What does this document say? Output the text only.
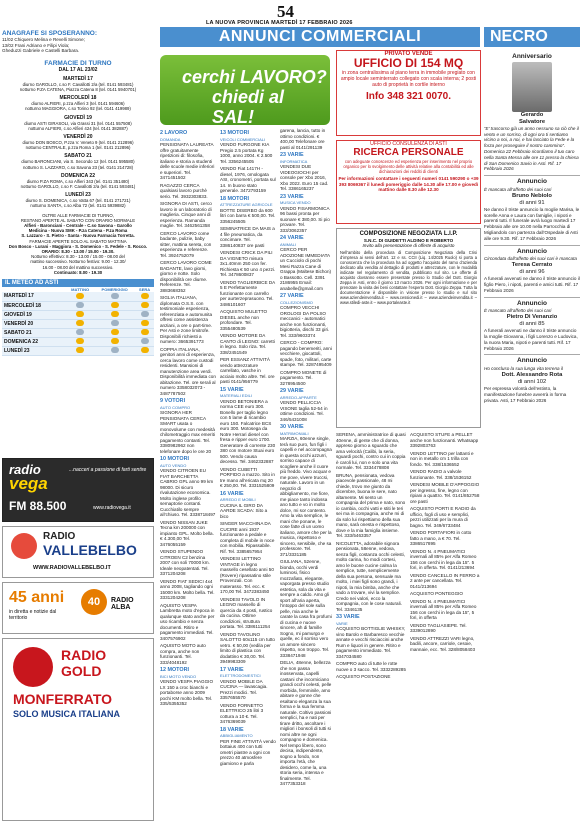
54
LA NUOVA PROVINCIA MARTEDÌ 17 FEBBRAIO 2026
ANNUNCI COMMERCIALI	NECRO
ANAGRAFE SI SPOSERANNO:
11/02 Chiquero Melina e Revelli Simone;
13/02 Frani Adriano e Filipi Viola;
Gheduzzi Gabriele e Castelli Barbara.
FARMACIE DI TURNO
DAL 17 AL 23/02
MARTEDÌ 17
diurno GAROLLO, c.so F. Cavallotti 2/a (tel. 0141 593481)
notturno P.ZA CATENA, Piazza Catena 8 (tel. 0141 5940701)
MERCOLEDÌ 18
diurno ALFIERI, p.zza Alfieri 3 (tel. 0141 594606)
notturno MAGGIORA, c.so Torino 92 (tel. 0141 419989)
GIOVEDÌ 19
diurno ASTI GIRASOLI, via Grassi 31 (tel. 0141 557508)
notturno ALFIERI, c.so Alfieri 424 (tel. 0141 382887)
VENERDÌ 20
diurno DON BOSCO, P.zza V. Veneto 9 (tel. 0141 212896)
notturno CENTRALE, p.zza Roma 1 (tel. 0141 212896)
SABATO 21
diurno BARONCIANI, via S. Secondo 12 (tel. 0141 595580)
notturno S. LAZZARO, c.so Savona 23 (tel. 0141 214728)
DOMENICA 22
diurno P.ZA ROMA, c.so Alfieri 343 (tel. 0141 351480)
notturno GAROLLO, c.so F. Cavallotti 2/a (tel. 0141 593481)
LUNEDÌ 23
diurno S. DOMENICA, c.so Vatta 67 (tel. 0141 271721)
notturno SANTA, c.so Alba 72 (tel. 0141 5939882)
OLTRE ALLE FARMACIE DI TURNO,
RESTANO APERTE AL SABATO CON ORARIO NORMALE
Alfieri - Baronciani - Centrale - C.so Savona - Garollo
Medicina - Nuova SMK - P.za Catena - P.za Roma
S. Lazzaro - S. Pietro - Santa - Nuova Farmacia Torretta.
FARMACIE APERTE SOLO AL SABATO MATTINA
Don Bosco - Lurani - Maggiora - S. Domenico - S. Fedele - S. Rocco.
ORARIO: 8.30 - 13.00 / 15.00 - 19.30.
Notturno effettivo: 8.30 - 13.00 / 15.00 - 08.00 del
mattino successivo. Notturno festivo: 9.00 - 12.30/
16.00 - 08.00 del mattino successivo.
Continuato: 8.00 - 19.30
IL METEO AD ASTI
	MATTINO	POMERIGGIO	SERA
MARTEDÌ 17			
MERCOLEDÌ 18			
GIOVEDÌ 19			
VENERDÌ 20			
SABATO 21			
DOMENICA 22			
LUNEDÌ 23			
radio
vega
...nacceri a passione di farti sentire
FM 88.500	www.radiovega.it
RADIO
VALLEBELBO
WWW.RADIOVALLEBELBO.IT
45 anni
in diretta e notizie dal territorio
40	RADIO ALBA
RADIO
GOLD
MONFERRATO
SOLO MUSICA ITALIANA
cerchi LAVORO?
chiedi al SAL!
2 LAVORO
DOMANDA
PENSIONATA LAUREATA offre gratuitamente ripetizioni di: filosofia, italiano e storia a studenti delle scuole medie inferiori e superiori. Tel. 3471451502
RAGAZZO CERCA qualsiasi lavoro purchè serio. Tel. 3932303833.
SIGNORA DI ASTI, cerco lavoro in un laboratorio di maglieria. Cinque anni di esperienza. Ramanda maglie. Tel. 3462561358
CERCO LAVORO come badante, pulizie, baby sitter, mattina sereta, con esperienza e referenze. Tel. 3924752079
CERCO LAVORO COME BADANTE, lavo giorni, giorno e notte. Solo disponibilità ore diurne. Referenze. Tel. 3883668352
SIGLIA ITALIANA, diplomata O.S.S. con testimoniale esperienza, referenziata e automunita offresi come assistenza anziani, a ore o part-time. Per Asti e zone limitrofe. Disponibili richiesti a numero: 3665391773
COPPIA ITALIANA, genitori anni di esperienza, cerca lavoro come custodi residenti. Mansioni di manutenzione area verdi. Disponibilità immediata con abitazione. Tel. ore serali al numero 3358032073 - 3487787502
9 VOTORI
AUTO COMPRO
SIGNORA HER PENSIONATA CERCA SMART usata o monovolume con medesità chilometraggio max emeriti pagamento contanti. Tel. 3380982962 non telefonare dopo le ore 20
10 MOTORI
AUTO VENDO
VENDO CITROEN EU FIAT BARCHETTA CABRIO GPL anno 99 km 98000. Di sicuro rivalutazione economica. Molto inglese profilo semaptorie contanti. Cucchiatilo sempre all’chiuso. Tel. 3338718497
VENDO NISSAN JUKE Tecna km 200000 con impianto GPL. Molto bella. € 4.300,00 Tel. 3476055159
VENDO STUPENDO CITROEN C2 benzina 2007 con soli 70000 km. Ideale neopatentati. Tel. 3371204208
VENDO FIAT SEDICI 4x4 anno 2008, tagliando ogni 15000 km. Molto bella. Tel. 3331204208
AQUISTO VESPA Lambretta moto d’epoca in qualunque stato anche per uso ricambio e senza documenti. Ritiro e pagamento immediati. Tel. 3407576902
AQUISTO MOTO auto compra, anche non funzionanti. Tel. 333/4048192
12 MOTORI
BICI MOTO VENDO
VENDO VESPA PIAGGIO LX 150 a croc bianchi e portaborse anno 2009 pochi KM molto bella. Tel. 335/5355352
13 MOTORI
VEICOLI COMMERCIALI
VENDO FURGONE KIA Pregio 2.5 portata Kg 1000, anno 2004. € 2.500 Tel. 3356245505
VENDO Fiat 1417H - diesel, 1976, omologata ASI, cronometri, portata sul 14. In buono stato generale. 3472793159
18 MOTORI
ATTREZZATURE AGRICOLE
BOTTE DISERBO da 600 litri con barra € 500,00. Tel. 3356245505
SEMINATRICE DA MAIS a 4 file pneumatica, da concimare. Tel. 3386140837 ore pasti
VENDESI CRICK DA PILI DA VIGNETO misura 3x1.40mm 250 con fer. Richiesta € 50 uno 4 pezzi. Tel. 3478600837
VENDO TAGLIERBICE DA 5 E Perfettamente funzionante con carrello per aurterzeprasuono. Tel. 3486101607
ACQUISTO MULETTO DIESEL anche non profondare. Tel. 3355480539
VENDO MOTORE DA CANTO di LEGNO: carretti in legno. Solo riza. Tel. 338/2451549
PER ESSANZ ATTIVITÀ vendo attrezzature carrellato, vasche in acciaio molto altre. Tel. ore pasti 0141/956779
15 VARIE
MATERIALI EDILI
VENDO BETONIERA a norma CEE euro 300. Bonello per taglio legno con 5 lame di ricambio euro 150. Falcatrice BCS euro 300. Motosega da Notre Herrari diesel con fresa e ripper euro 1700. Generatore di corrente 230 380 con motore Stuai euro 500. Vendo causa decesso. Tel. 3462332887
VENDO CUBETTI PORFIDO a mazzo. Sito in tre mano all’ericata mq 20 € 250,00. Tel. 3331525809
16 VARIE
ARREDO E MOBILI
CUCINA IL GIRO DA AARDE SCADA: Sito a bico
SINGER MACCHINA DA CUCIRE anni 1937 funzionante a pedale e completa di mobile in noce con mobilia. Ripassabile. Rif. Tel. 3385657954
VENDESI LETTINO VINTAGE in legno massello cesellato anni 50 (Rovere) ripassatino stile Provenzali. Con materasso. Tel. ecc. € 170,00 Tel. 3472383450
VENDESI TAVOLO IN LEGNO massello di quercia da 4 posti, rustico da cucina. Ottime condizioni, struttura portata. Tel. 3386111254
VENDO TAVOLINO SALOTTO 60x115 cm tutto vetro. € 50,00 (vedila per limito di plastica con dodattino € 30,00. Tel. 3949983309
17 VARIE
ELETTRODOMESTICI
VENDO MOBILE DA CUCINA — lavascagia. Prezzi modici. Tel. 3357655570
VENDO FORNETTO ELETTRICO 25 litri 3 cottura a 10 €. Tel. 3476369039
18 VARIE
ABBIGLIAMENTO
PER FINE ATTIVITÀ vendo bottaius 400 con tutti ometri piastre a ogni con prezzo 40 atmosfere giamiono e parla
garena, lancia, tutto in ottimo condizioni. € 400,00 Telefonare ore pasti al 0141/291139
23 VARIE
INFORMATICA
VENDESI DUE VIDEOGIOCHI per console per Xbo 2016, Xbo 2022. Euro 15 cad. Tel. 3386165237
23 VARIE
MUSICA VENDO
VENDO FISARMONICA 96 bassi pronta per suonare € 380,00. Si pio provare. Tel. 333/3062357
24 VARIE
ANIMALI
CERCO PER ADOZIONE IMMEDIATA un Cucciolo di pochi Mesi Razza Cane di Grappa (Maltese Bichon) o Bassotto. Cell. 3391 2186955 Email: anabelle@gmail.com
27 VARIE
COLLEZIONISMO
COMPRO VECCHI OROLOGI DA POLSO meccanici - automatici anche non funzionanti, bigiotteria, dischi 33 giri. Tel. 333/9603374
CERCO - COMPRO: pagando benemeriti, anni vecchiere, giocattoli, spade, foto, militari, carte stampe. Tel. 3287495409
COMPRO MONETE di pagamento. Tel. 3278954500
29 VARIE
ARREDO-APPARTE
VENDO PELLICCIA VISONE taglia 52-54 in ottime condizioni. Tel. 346/5431008
30 VARIE
MATRIMONIALI
MARZIA, 60enne single, terà suo puro, fun figli i capelli e nel accompagna in questa occhi azzurri, sorriso capace di scogliere anche il cuore più freddo. Vivo acquar e me pove, vivere truccsi, naturale. Lavoro in un negozio di abbigliamento, me fiore, me piace tanto indossa ano tutto e vo in molto dolce, mi sor contento. Amo la vita semplice, le mani che ponane, le cose fatte di un uomo italiano, amore che per la musica, rispettoso e sincero, sensibile, che sa professore. Tel. 371/3331185
GIULIANA, 52enne, bionda, occhi verdi luminosi, fisico mozzafiato, elegante, vaporgata presso studio estetica, sola da vita e sempre a caldo. Amo gli sport all’aria aperta, l’intoppo del sole sulla pelle, mia anche le carate la casa fra profumi di cucina e nuove sincere, ah di famille Sogno, mi pamurgo e quelle, ec il sorriso vero un amore sincero rispetto, non troppo. Tel. 3338471948
DELIA, 48enne, bellezza che non passa inosservata, capelli castani che incorniciano grandi occhi celesti, pelle morbida, femminile, amo abitare e gonne che esaltano eleganza la sua forma e la sua femma naturale. Coltivo passioni semplici, ha e nati per tirare dritto, ascoltare i migliori i bonsoli di tutti si nomi altre ne ogni compagno e domenica. Nel tempo libero, sono decisa, indipendente, sogno a fondo, non importa l’età, che desidero, come la, una storia seria, intensa e finalmente. Tel. 3477353318
SERENA, amministratrice di quasi 40enne, di gente che di donna, appreso giorno a sguardo che ama velocità (Calibi, la seria, sguardi pochi, contro cui in coppia è caroli lui, non e solo una vita normale. Tel. 3334478808
BRUNA, pensionata, vedova piacevole passionale, 48 mi chiede, trovo me giunto da dicembre, buona le sere, nato altamente. Mi sento un compagnia del prima e nato, sono io cambia, occhi vatti e stiti le teri sei ma in compagnia, anche mi di da solo lui rispettiamo della sua mano, sarà onesta e rispettoso, dove e la mia famiglia insieme. Tel. 333/5463357
NICOLETTA, adorabile signora pensionata, 58enne, vedova, senza figli, costanza occhi celesti, molto carina, ho modi cortesi, amo le buone cucine calma la semplice, tutte, semplicemente della sua persona, sensuale ma molto, i miei figli sono grandi, i nipoti, la mia bimba, anche che vado a trovare, vivi la semplice. Credo nei valori, ecco la compagnia, con le cose naturali. Tel. 3346135
33 VARIE
VARIE
ACQUISTO BOTTIGLIE WHISKY, vino Barolo e Barbaresco vecchie annate e vecchi risciaccini anche Rum e liquori in genere. Ritiro e pagamento immediato. Tel. 3347034580
COMPRO auto di tutte le rotte nuove o 3 sacco. Tel. 3332289285
ACQUISTO POSTAZIONE
ACQUISTO STUFE a PELLET anche non funzionanti. Whatsapp 3392803763
VENDO LETTINO per lattanti e non in metallo cm 1 trilla con fondo. Tel. 338/1536552
VENDO RADIO a valvole funzionante. Tel. 338/1536152
VENDESI MOBILE D’APPOGGIO per ingresso, fine, legno con ripiani a quattro. Tel. 0141/852758 ore pasti
ACQUISTO PORTI E RADIO da ufficio, fogli di uso e semplici, pezzi utilizzati per la mura di bagno. Tel. 349/6733484
VENDO PORTAFIORI in cotto fatto a mano, a € 70. Tel. 3386517895
VENDO N. 4 PNEUMATICI invernali all 85% per Alfa Romeo 156 con cerchi in lega da 15". 5 fori, in offerta. Tel. 0141/213694
VENDO CANCELLO IN FERRO a 2 ante per cancellata. Tel. 0141/213694
ACQUISTO PONTEGGIO
VENDO N. 4 PNEUMATICI invernali all 85% per Alfa Romeo 156 con cerchi in lega da 15", 5 fori, in offerta
VENDO TAGLIASIEPE. Tel. 3339012890
VENDO ATTREZZI VARI legno, badili, ancore, carriole, cesoie, mannaie, ecc. Tel. 328/8058403
PRIVATO VENDE
UFFICIO DI 154 MQ
in zona centralissima al piano terra in immobile pregiato con ampio locale seminterrato collegato con scala interna; 2 posti auto di proprietà in cortile interno
Info 348 321 0070.
UFFICIO CONSULENZA DI ASTI
RICERCA PERSONALE
con adeguate conoscenze ed esperienza per inserimento nel proprio organico per lo svolgimento delle attività relative alla contabilità ed alle dichiarazioni dei redditi di clienti
Per informazioni contattare i seguenti numeri 0141 590290 o +39 393 8069367 il lunedì pomeriggio dalle 14.30 alle 17.00 e giovedì mattino dalle 8.30 alle 12.30
COMPOSIZIONE NEGOZIATA L.I.P.
S.N.C. DI GUIDETTI ALDINO E ROBERTO
Invito alla presentazione di offerte di acquisto
Nell’ambito della procedura di Composizione Negoziata della Crisi d’impresa ai sensi dell’art. 12 e ss. CCII (Liq. 14/2025 Ruolo) si porta a conoscenza che la procedura ha ad oggetto l’acquisto del ramo d’azienda dedicato alla vendita al dettaglio di prodotti e attrezzature, con le modalità indicate nel regolamento di vendita, pubblicato sul sito. Le offerte di acquisto dovranno essere presentate presso lo Studio del Dott. Giorgio Zeppa in Asti, entro il giorno 13 marzo 2026. Per ogni informazione e per prenotare la visita dei beni contattare l’esperto Dott. Giorgio Zeppa. Tutta la documentazione è disponibile in visione presso lo studio e sul sito www.aziendeinvendita.it – www.cessionedi.it – www.aziendeinvendita.it – www.stiledi-aste.it – www.portaleaste.it
Anniversario
Gerardo
Salvatore
“E’ trascorso già un anno nessuno sa ciò che il vento e un sorriso, di ogni ora ti sentiamo vicino a noi, a noi, e hai lasciato la Fede e la forza per proseguire il nostro cammino”. Domenica 22 Febbraio ricordiamo il tuo caro nella Santa Messa alle ore 11 presso la chiesa di San Domenico Savio in Asti. Rif. 17 Febbraio 2026
Annuncio
È mancata all’affetto dei suoi cari
Bruno Nebiolo
di anni 91
Ne danno il triste annuncio la moglie Marisa, le sorelle Anna e Laura con famiglie, i nipoti e parenti tutti. Il funerale avrà luogo martedì 17 Febbraio alle ore 10.00 nella Parrocchia di Migliandolo con partenza dall’Ospedale di Asti alle ore 9.30. Rif. 17 Febbraio 2026
Annuncio
Circondata dall’affetto dei suoi cari è mancata
Teresa Cerrato
di anni 96
A funerali avvenuti ne danno il triste annuncio il figlio Piero, i nipoti, parenti e amici tutti. Rif. 17 Febbraio 2026
Annuncio
È mancato all’affetto dei suoi cari
Pietro Di Venanzio
di anni 85
A funerali avvenuti ne danno il triste annuncio la moglie Giovanna, i figli Lorenzo e Ludovica, la nuora Maria, nipoti e parenti tutti. Rif. 17 Febbraio 2026
Annuncio
Ho concluso la sua lunga vita terrena il
Dott. Alessandro Rota
di anni 102
Per espressa volontà dell’estinto, la manifestazione funebre avverrà in forma privata. Asti, 17 Febbraio 2026
